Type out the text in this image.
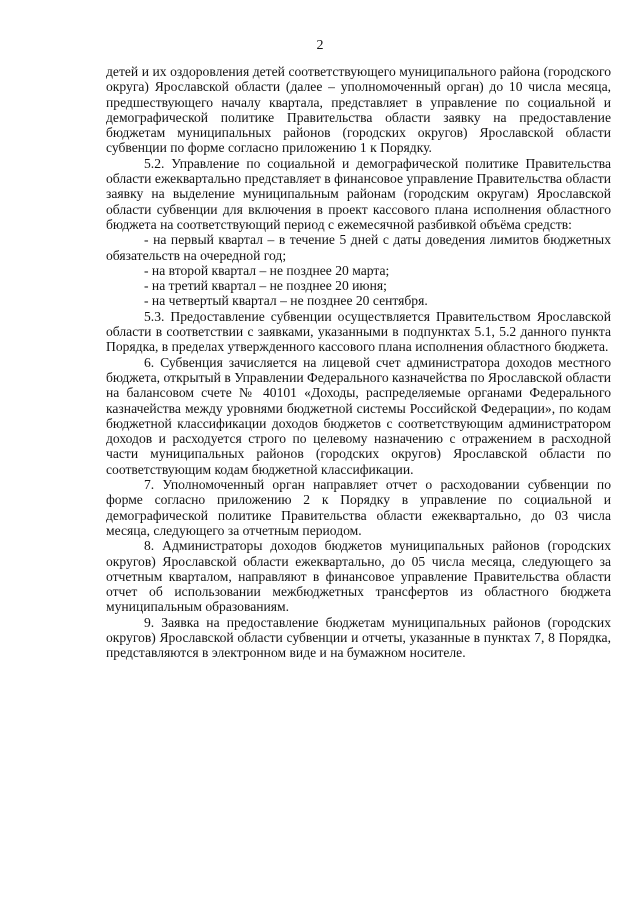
2

детей и их оздоровления детей соответствующего муниципального района (городского округа) Ярославской области (далее – уполномоченный орган) до 10 числа месяца, предшествующего началу квартала, представляет в управление по социальной и демографической политике Правительства области заявку на предоставление бюджетам муниципальных районов (городских округов) Ярославской области субвенции по форме согласно приложению 1 к Порядку.

5.2. Управление по социальной и демографической политике Правительства области ежеквартально представляет в финансовое управление Правительства области заявку на выделение муниципальным районам (городским округам) Ярославской области субвенции для включения в проект кассового плана исполнения областного бюджета на соответствующий период с ежемесячной разбивкой объёма средств:

- на первый квартал – в течение 5 дней с даты доведения лимитов бюджетных обязательств на очередной год;

- на второй квартал – не позднее 20 марта;

- на третий квартал – не позднее 20 июня;

- на четвертый квартал – не позднее 20 сентября.

5.3. Предоставление субвенции осуществляется Правительством Ярославской области в соответствии с заявками, указанными в подпунктах 5.1, 5.2 данного пункта Порядка, в пределах утвержденного кассового плана исполнения областного бюджета.

6. Субвенция зачисляется на лицевой счет администратора доходов местного бюджета, открытый в Управлении Федерального казначейства по Ярославской области на балансовом счете № 40101 «Доходы, распределяемые органами Федерального казначейства между уровнями бюджетной системы Российской Федерации», по кодам бюджетной классификации доходов бюджетов с соответствующим администратором доходов и расходуется строго по целевому назначению с отражением в расходной части муниципальных районов (городских округов) Ярославской области по соответствующим кодам бюджетной классификации.

7. Уполномоченный орган направляет отчет о расходовании субвенции по форме согласно приложению 2 к Порядку в управление по социальной и демографической политике Правительства области ежеквартально, до 03 числа месяца, следующего за отчетным периодом.

8. Администраторы доходов бюджетов муниципальных районов (городских округов) Ярославской области ежеквартально, до 05 числа месяца, следующего за отчетным кварталом, направляют в финансовое управление Правительства области отчет об использовании межбюджетных трансфертов из областного бюджета муниципальным образованиям.

9. Заявка на предоставление бюджетам муниципальных районов (городских округов) Ярославской области субвенции и отчеты, указанные в пунктах 7, 8 Порядка, представляются в электронном виде и на бумажном носителе.
